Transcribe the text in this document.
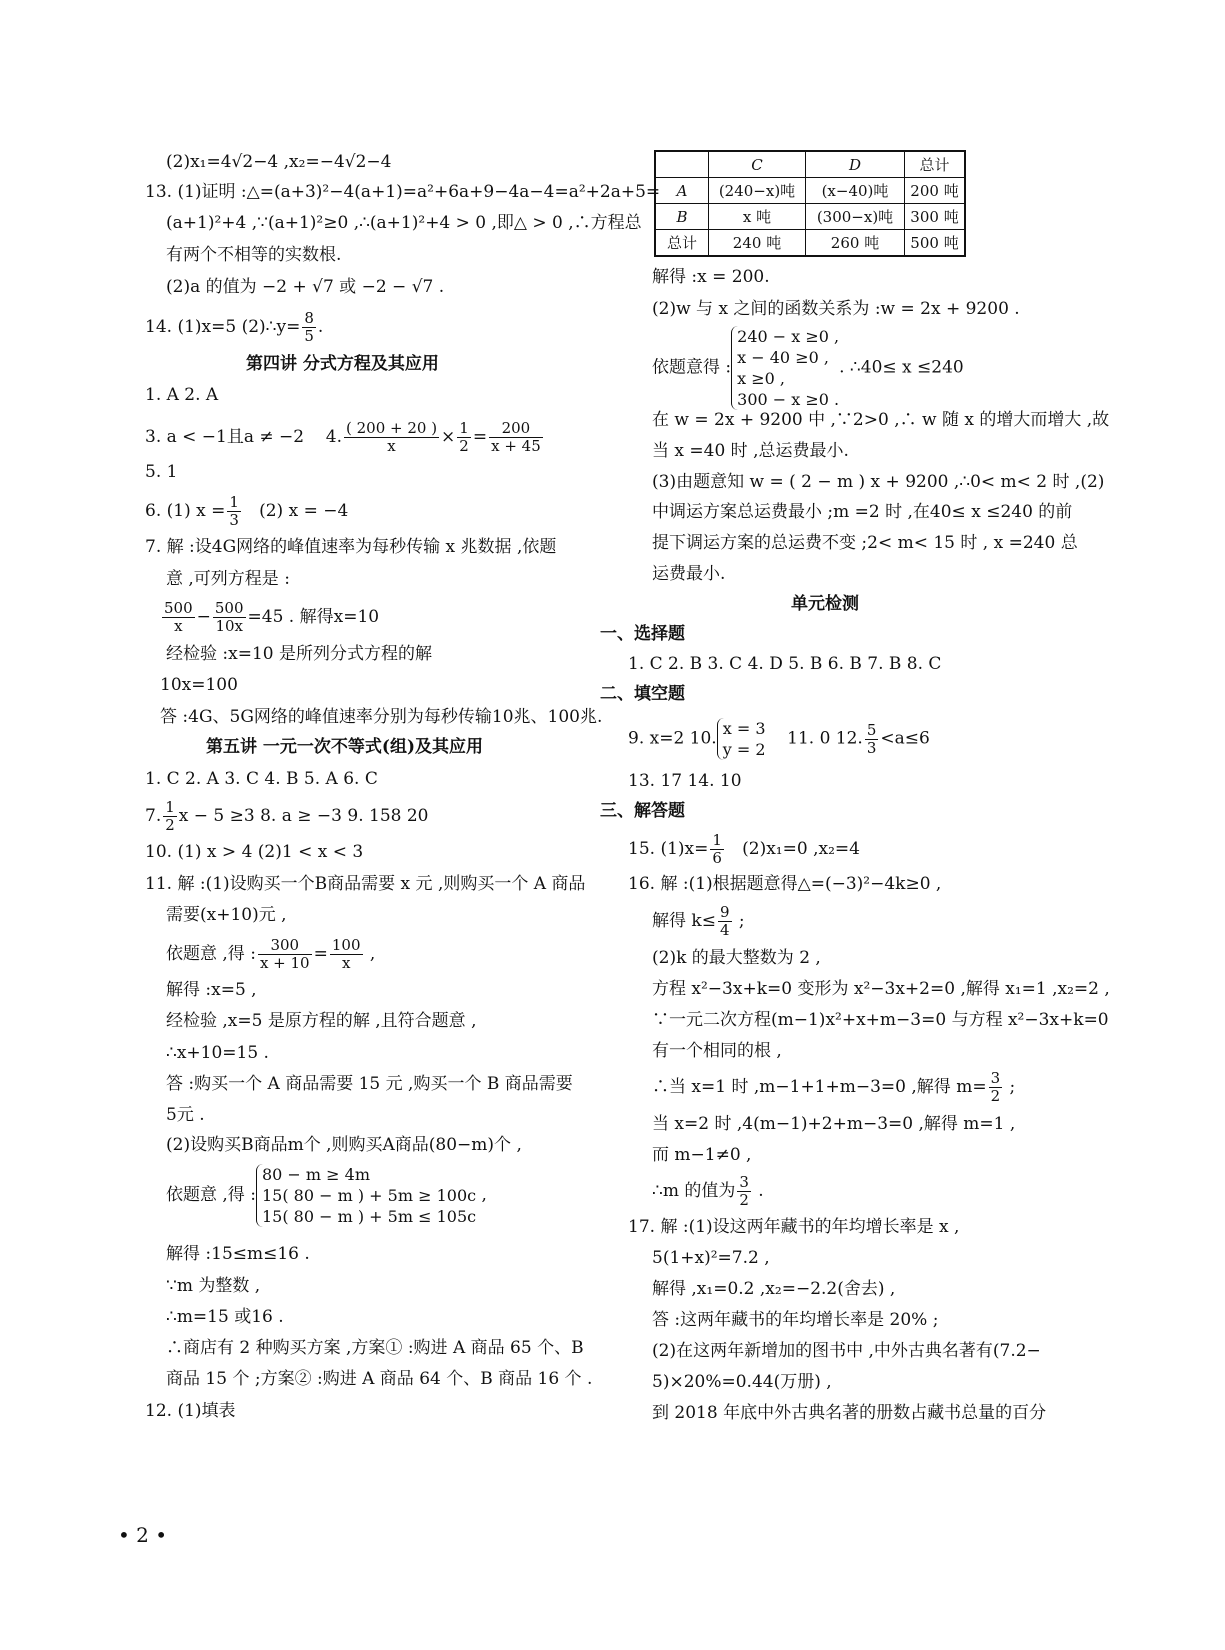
(2)x₁=4√2−4 ,x₂=−4√2−4
13. (1)证明 :△=(a+3)²−4(a+1)=a²+6a+9−4a−4=a²+2a+5=
(a+1)²+4 ,∵(a+1)²≥0 ,∴(a+1)²+4 > 0 ,即△ > 0 ,∴方程总
有两个不相等的实数根.
(2)a 的值为 −2 + √7 或 −2 − √7 .
14. (1)x=5 (2)∴y= $\frac{8}{5}$ .
第四讲 分式方程及其应用
1. A 2. A
3. a < −1且a ≠ −2 4. $\frac{( 200 + 20 )}{x} \times \frac{1}{2} = \frac{200}{x + 45}$
5. 1
6. (1) $x = \frac{1}{3} (2) x = -4$
7. 解 :设4G网络的峰值速率为每秒传输 x 兆数据 ,依题
意 ,可列方程是 :
$\frac{500}{x} - \frac{500}{10x} =45$ . 解得x=10
经检验 :x=10 是所列分式方程的解
10x=100
答 :4G、5G网络的峰值速率分别为每秒传输10兆、100兆.
第五讲 一元一次不等式(组)及其应用
1. C 2. A 3. C 4. B 5. A 6. C
7. $\frac{1}{2}$ x − 5 ≥3 8. a ≥ −3 9. 158 20
10. (1) x > 4 (2)1 < x < 3
11. 解 :(1)设购买一个B商品需要 x 元 ,则购买一个 A 商品
需要(x+10)元 ,
依题意 ,得 : $\frac{300}{x + 10} = \frac{100}{x}$ ,
解得 :x=5 ,
经检验 ,x=5 是原方程的解 ,且符合题意 ,
∴x+10=15 .
答 :购买一个 A 商品需要 15 元 ,购买一个 B 商品需要
5元 .
(2)设购买B商品m个 ,则购买A商品(80−m)个 ,
依题意 ,得 :
80 − m ≥ 4m
15( 80 − m ) + 5m ≥ 100c
15( 80 − m ) + 5m ≤ 105c
,
解得 :15≤m≤16 .
∵m 为整数 ,
∴m=15 或16 .
∴商店有 2 种购买方案 ,方案① :购进 A 商品 65 个、B
商品 15 个 ;方案② :购进 A 商品 64 个、B 商品 16 个 .
12. (1)填表
• 2 •
	C	D	总计
A	(240−x)吨	(x−40)吨	200 吨
B	x 吨	(300−x)吨	300 吨
总计	240 吨	260 吨	500 吨
解得 :x = 200.
(2)w 与 x 之间的函数关系为 :w = 2x + 9200 .
依题意得 :
240 − x ≥0 ,
x − 40 ≥0 ,
x ≥0 ,
300 − x ≥0 .
. ∴40≤ x ≤240
在 w = 2x + 9200 中 ,∵2>0 ,∴ w 随 x 的增大而增大 ,故
当 x =40 时 ,总运费最小.
(3)由题意知 w = ( 2 − m ) x + 9200 ,∴0< m< 2 时 ,(2)
中调运方案总运费最小 ;m =2 时 ,在40≤ x ≤240 的前
提下调运方案的总运费不变 ;2< m< 15 时 , x =240 总
运费最小.
单元检测
一、选择题
1. C 2. B 3. C 4. D 5. B 6. B 7. B 8. C
二、填空题
9. x=2 10. x = 3
y = 2
11. 0 12. $\frac{5}{3} <a\le 6$
13. 17 14. 10
三、解答题
15. $(1)x= \frac{1}{6} (2)x_1=0$ ,x₂=4
16. 解 :(1)根据题意得△=(−3)²−4k≥0 ,
解得 $k\le \frac{9}{4}$ ;
(2)k 的最大整数为 2 ,
方程 x²−3x+k=0 变形为 x²−3x+2=0 ,解得 x₁=1 ,x₂=2 ,
∵一元二次方程(m−1)x²+x+m−3=0 与方程 x²−3x+k=0
有一个相同的根 ,
∴当 x=1 时 ,m−1+1+m−3=0 ,解得 $m= \frac{3}{2}$ ;
当 x=2 时 ,4(m−1)+2+m−3=0 ,解得 m=1 ,
而 m−1≠0 ,
∴m 的值为 $\frac{3}{2}$ .
17. 解 :(1)设这两年藏书的年均增长率是 x ,
5(1+x)²=7.2 ,
解得 ,x₁=0.2 ,x₂=−2.2(舍去) ,
答 :这两年藏书的年均增长率是 20% ;
(2)在这两年新增加的图书中 ,中外古典名著有(7.2−
5)×20%=0.44(万册) ,
到 2018 年底中外古典名著的册数占藏书总量的百分
